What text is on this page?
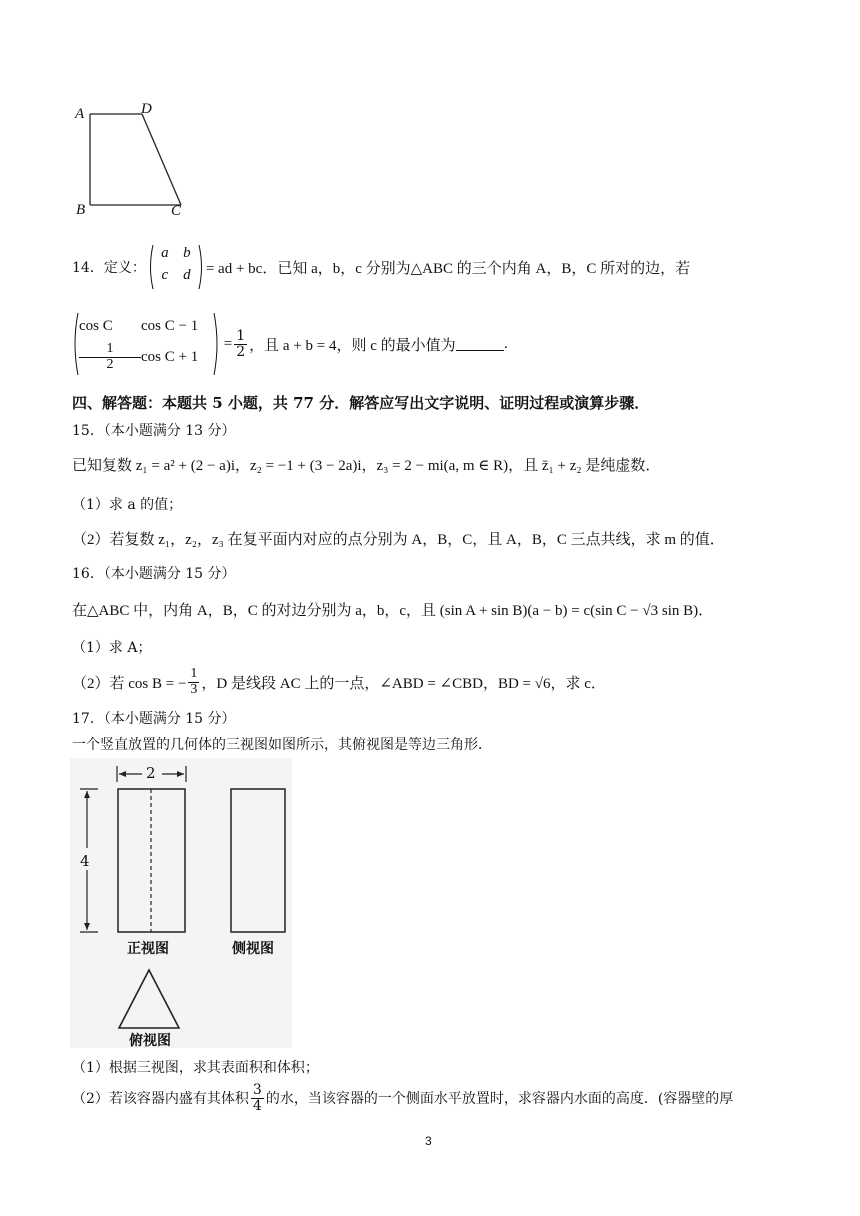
A	D
B	C
14． 定义：
a b
c d	= ad + bc．已知 a，b，c 分别为△ABC 的三个内角 A，B，C 所对的边，若
cos C	cos C − 1
$\frac{1}{2}$ cos C + 1
= $\frac{1}{2}$ ，且 a + b = 4，则 c 的最小值为	.
四、解答题：本题共 5 小题，共 77 分．解答应写出文字说明、证明过程或演算步骤．
15．（本小题满分 13 分）
已知复数 z₁ = a² + (2 − a)i，z₂ = −1 + (3 − 2a)i，z₃ = 2 − mi(a, m ∈ R)，且 z̄₁ + z₂ 是纯虚数．
（1）求 a 的值；
（2）若复数 z₁，z₂，z₃ 在复平面内对应的点分别为 A，B，C，且 A，B，C 三点共线，求 m 的值．
16．（本小题满分 15 分）
在△ABC 中，内角 A，B，C 的对边分别为 a，b，c，且 (sin A + sin B)(a − b) = c(sin C − √3 sin B)．
（1）求 A；
（2）若 cos B = − $\frac{1}{3}$ ，D 是线段 AC 上的一点，∠ABD = ∠CBD，BD = √6，求 c．
17．（本小题满分 15 分）
一个竖直放置的几何体的三视图如图所示，其俯视图是等边三角形．
2
4
正视图	侧视图
俯视图
（1）根据三视图，求其表面积和体积；
（2）若该容器内盛有其体积 $\frac{3}{4}$ 的水，当该容器的一个侧面水平放置时，求容器内水面的高度．(容器壁的厚
3
